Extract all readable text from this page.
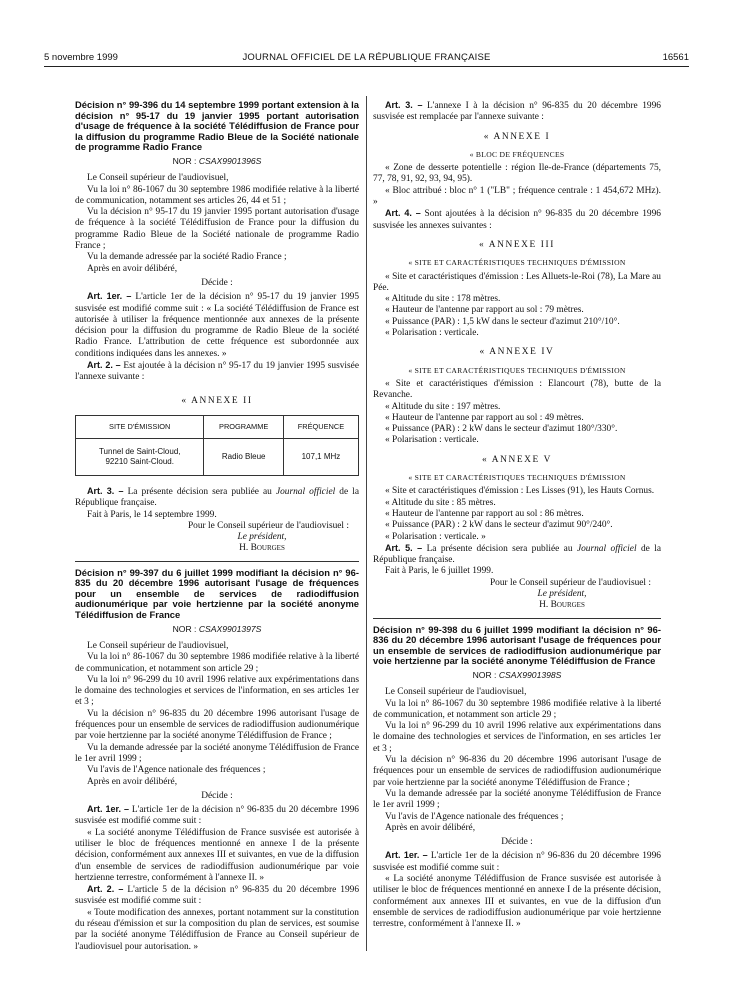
5 novembre 1999	JOURNAL OFFICIEL DE LA RÉPUBLIQUE FRANÇAISE	16561

Décision n° 99-396 du 14 septembre 1999 portant extension à la décision n° 95-17 du 19 janvier 1995 portant autorisation d'usage de fréquence à la société Télédiffusion de France pour la diffusion du programme Radio Bleue de la Société nationale de programme Radio France

NOR : CSAX9901396S

Le Conseil supérieur de l'audiovisuel,

Vu la loi n° 86-1067 du 30 septembre 1986 modifiée relative à la liberté de communication, notamment ses articles 26, 44 et 51 ;

Vu la décision n° 95-17 du 19 janvier 1995 portant autorisation d'usage de fréquence à la société Télédiffusion de France pour la diffusion du programme Radio Bleue de la Société nationale de programme Radio France ;

Vu la demande adressée par la société Radio France ;

Après en avoir délibéré,

Décide :

Art. 1er. – L'article 1er de la décision n° 95-17 du 19 janvier 1995 susvisée est modifié comme suit : « La société Télédiffusion de France est autorisée à utiliser la fréquence mentionnée aux annexes de la présente décision pour la diffusion du programme de Radio Bleue de la société Radio France. L'attribution de cette fréquence est subordonnée aux conditions indiquées dans les annexes. »

Art. 2. – Est ajoutée à la décision n° 95-17 du 19 janvier 1995 susvisée l'annexe suivante :

« ANNEXE II

SITE D'ÉMISSION	PROGRAMME	FRÉQUENCE
Tunnel de Saint-Cloud,
92210 Saint-Cloud.	Radio Bleue	107,1 MHz

Art. 3. – La présente décision sera publiée au Journal officiel de la République française.

Fait à Paris, le 14 septembre 1999.

Pour le Conseil supérieur de l'audiovisuel :

Le président,

H. Bourges

Décision n° 99-397 du 6 juillet 1999 modifiant la décision n° 96-835 du 20 décembre 1996 autorisant l'usage de fréquences pour un ensemble de services de radiodiffusion audionumérique par voie hertzienne par la société anonyme Télédiffusion de France

NOR : CSAX9901397S

Le Conseil supérieur de l'audiovisuel,

Vu la loi n° 86-1067 du 30 septembre 1986 modifiée relative à la liberté de communication, et notamment son article 29 ;

Vu la loi n° 96-299 du 10 avril 1996 relative aux expérimentations dans le domaine des technologies et services de l'information, en ses articles 1er et 3 ;

Vu la décision n° 96-835 du 20 décembre 1996 autorisant l'usage de fréquences pour un ensemble de services de radiodiffusion audionumérique par voie hertzienne par la société anonyme Télédiffusion de France ;

Vu la demande adressée par la société anonyme Télédiffusion de France le 1er avril 1999 ;

Vu l'avis de l'Agence nationale des fréquences ;

Après en avoir délibéré,

Décide :

Art. 1er. – L'article 1er de la décision n° 96-835 du 20 décembre 1996 susvisée est modifié comme suit :

« La société anonyme Télédiffusion de France susvisée est autorisée à utiliser le bloc de fréquences mentionné en annexe I de la présente décision, conformément aux annexes III et suivantes, en vue de la diffusion d'un ensemble de services de radiodiffusion audionumérique par voie hertzienne terrestre, conformément à l'annexe II. »

Art. 2. – L'article 5 de la décision n° 96-835 du 20 décembre 1996 susvisée est modifié comme suit :

« Toute modification des annexes, portant notamment sur la constitution du réseau d'émission et sur la composition du plan de services, est soumise par la société anonyme Télédiffusion de France au Conseil supérieur de l'audiovisuel pour autorisation. »

Art. 3. – L'annexe I à la décision n° 96-835 du 20 décembre 1996 susvisée est remplacée par l'annexe suivante :

« ANNEXE I

« BLOC DE FRÉQUENCES

« Zone de desserte potentielle : région Ile-de-France (départements 75, 77, 78, 91, 92, 93, 94, 95).

« Bloc attribué : bloc n° 1 ("LB" ; fréquence centrale : 1 454,672 MHz). »

Art. 4. – Sont ajoutées à la décision n° 96-835 du 20 décembre 1996 susvisée les annexes suivantes :

« ANNEXE III

« SITE ET CARACTÉRISTIQUES TECHNIQUES D'ÉMISSION

« Site et caractéristiques d'émission : Les Alluets-le-Roi (78), La Mare au Pée.

« Altitude du site : 178 mètres.

« Hauteur de l'antenne par rapport au sol : 79 mètres.

« Puissance (PAR) : 1,5 kW dans le secteur d'azimut 210°/10°.

« Polarisation : verticale.

« ANNEXE IV

« SITE ET CARACTÉRISTIQUES TECHNIQUES D'ÉMISSION

« Site et caractéristiques d'émission : Elancourt (78), butte de la Revanche.

« Altitude du site : 197 mètres.

« Hauteur de l'antenne par rapport au sol : 49 mètres.

« Puissance (PAR) : 2 kW dans le secteur d'azimut 180°/330°.

« Polarisation : verticale.

« ANNEXE V

« SITE ET CARACTÉRISTIQUES TECHNIQUES D'ÉMISSION

« Site et caractéristiques d'émission : Les Lisses (91), les Hauts Cornus.

« Altitude du site : 85 mètres.

« Hauteur de l'antenne par rapport au sol : 86 mètres.

« Puissance (PAR) : 2 kW dans le secteur d'azimut 90°/240°.

« Polarisation : verticale. »

Art. 5. – La présente décision sera publiée au Journal officiel de la République française.

Fait à Paris, le 6 juillet 1999.

Pour le Conseil supérieur de l'audiovisuel :

Le président,

H. Bourges

Décision n° 99-398 du 6 juillet 1999 modifiant la décision n° 96-836 du 20 décembre 1996 autorisant l'usage de fréquences pour un ensemble de services de radiodiffusion audionumérique par voie hertzienne par la société anonyme Télédiffusion de France

NOR : CSAX9901398S

Le Conseil supérieur de l'audiovisuel,

Vu la loi n° 86-1067 du 30 septembre 1986 modifiée relative à la liberté de communication, et notamment son article 29 ;

Vu la loi n° 96-299 du 10 avril 1996 relative aux expérimentations dans le domaine des technologies et services de l'information, en ses articles 1er et 3 ;

Vu la décision n° 96-836 du 20 décembre 1996 autorisant l'usage de fréquences pour un ensemble de services de radiodiffusion audionumérique par voie hertzienne par la société anonyme Télédiffusion de France ;

Vu la demande adressée par la société anonyme Télédiffusion de France le 1er avril 1999 ;

Vu l'avis de l'Agence nationale des fréquences ;

Après en avoir délibéré,

Décide :

Art. 1er. – L'article 1er de la décision n° 96-836 du 20 décembre 1996 susvisée est modifié comme suit :

« La société anonyme Télédiffusion de France susvisée est autorisée à utiliser le bloc de fréquences mentionné en annexe I de la présente décision, conformément aux annexes III et suivantes, en vue de la diffusion d'un ensemble de services de radiodiffusion audionumérique par voie hertzienne terrestre, conformément à l'annexe II. »
